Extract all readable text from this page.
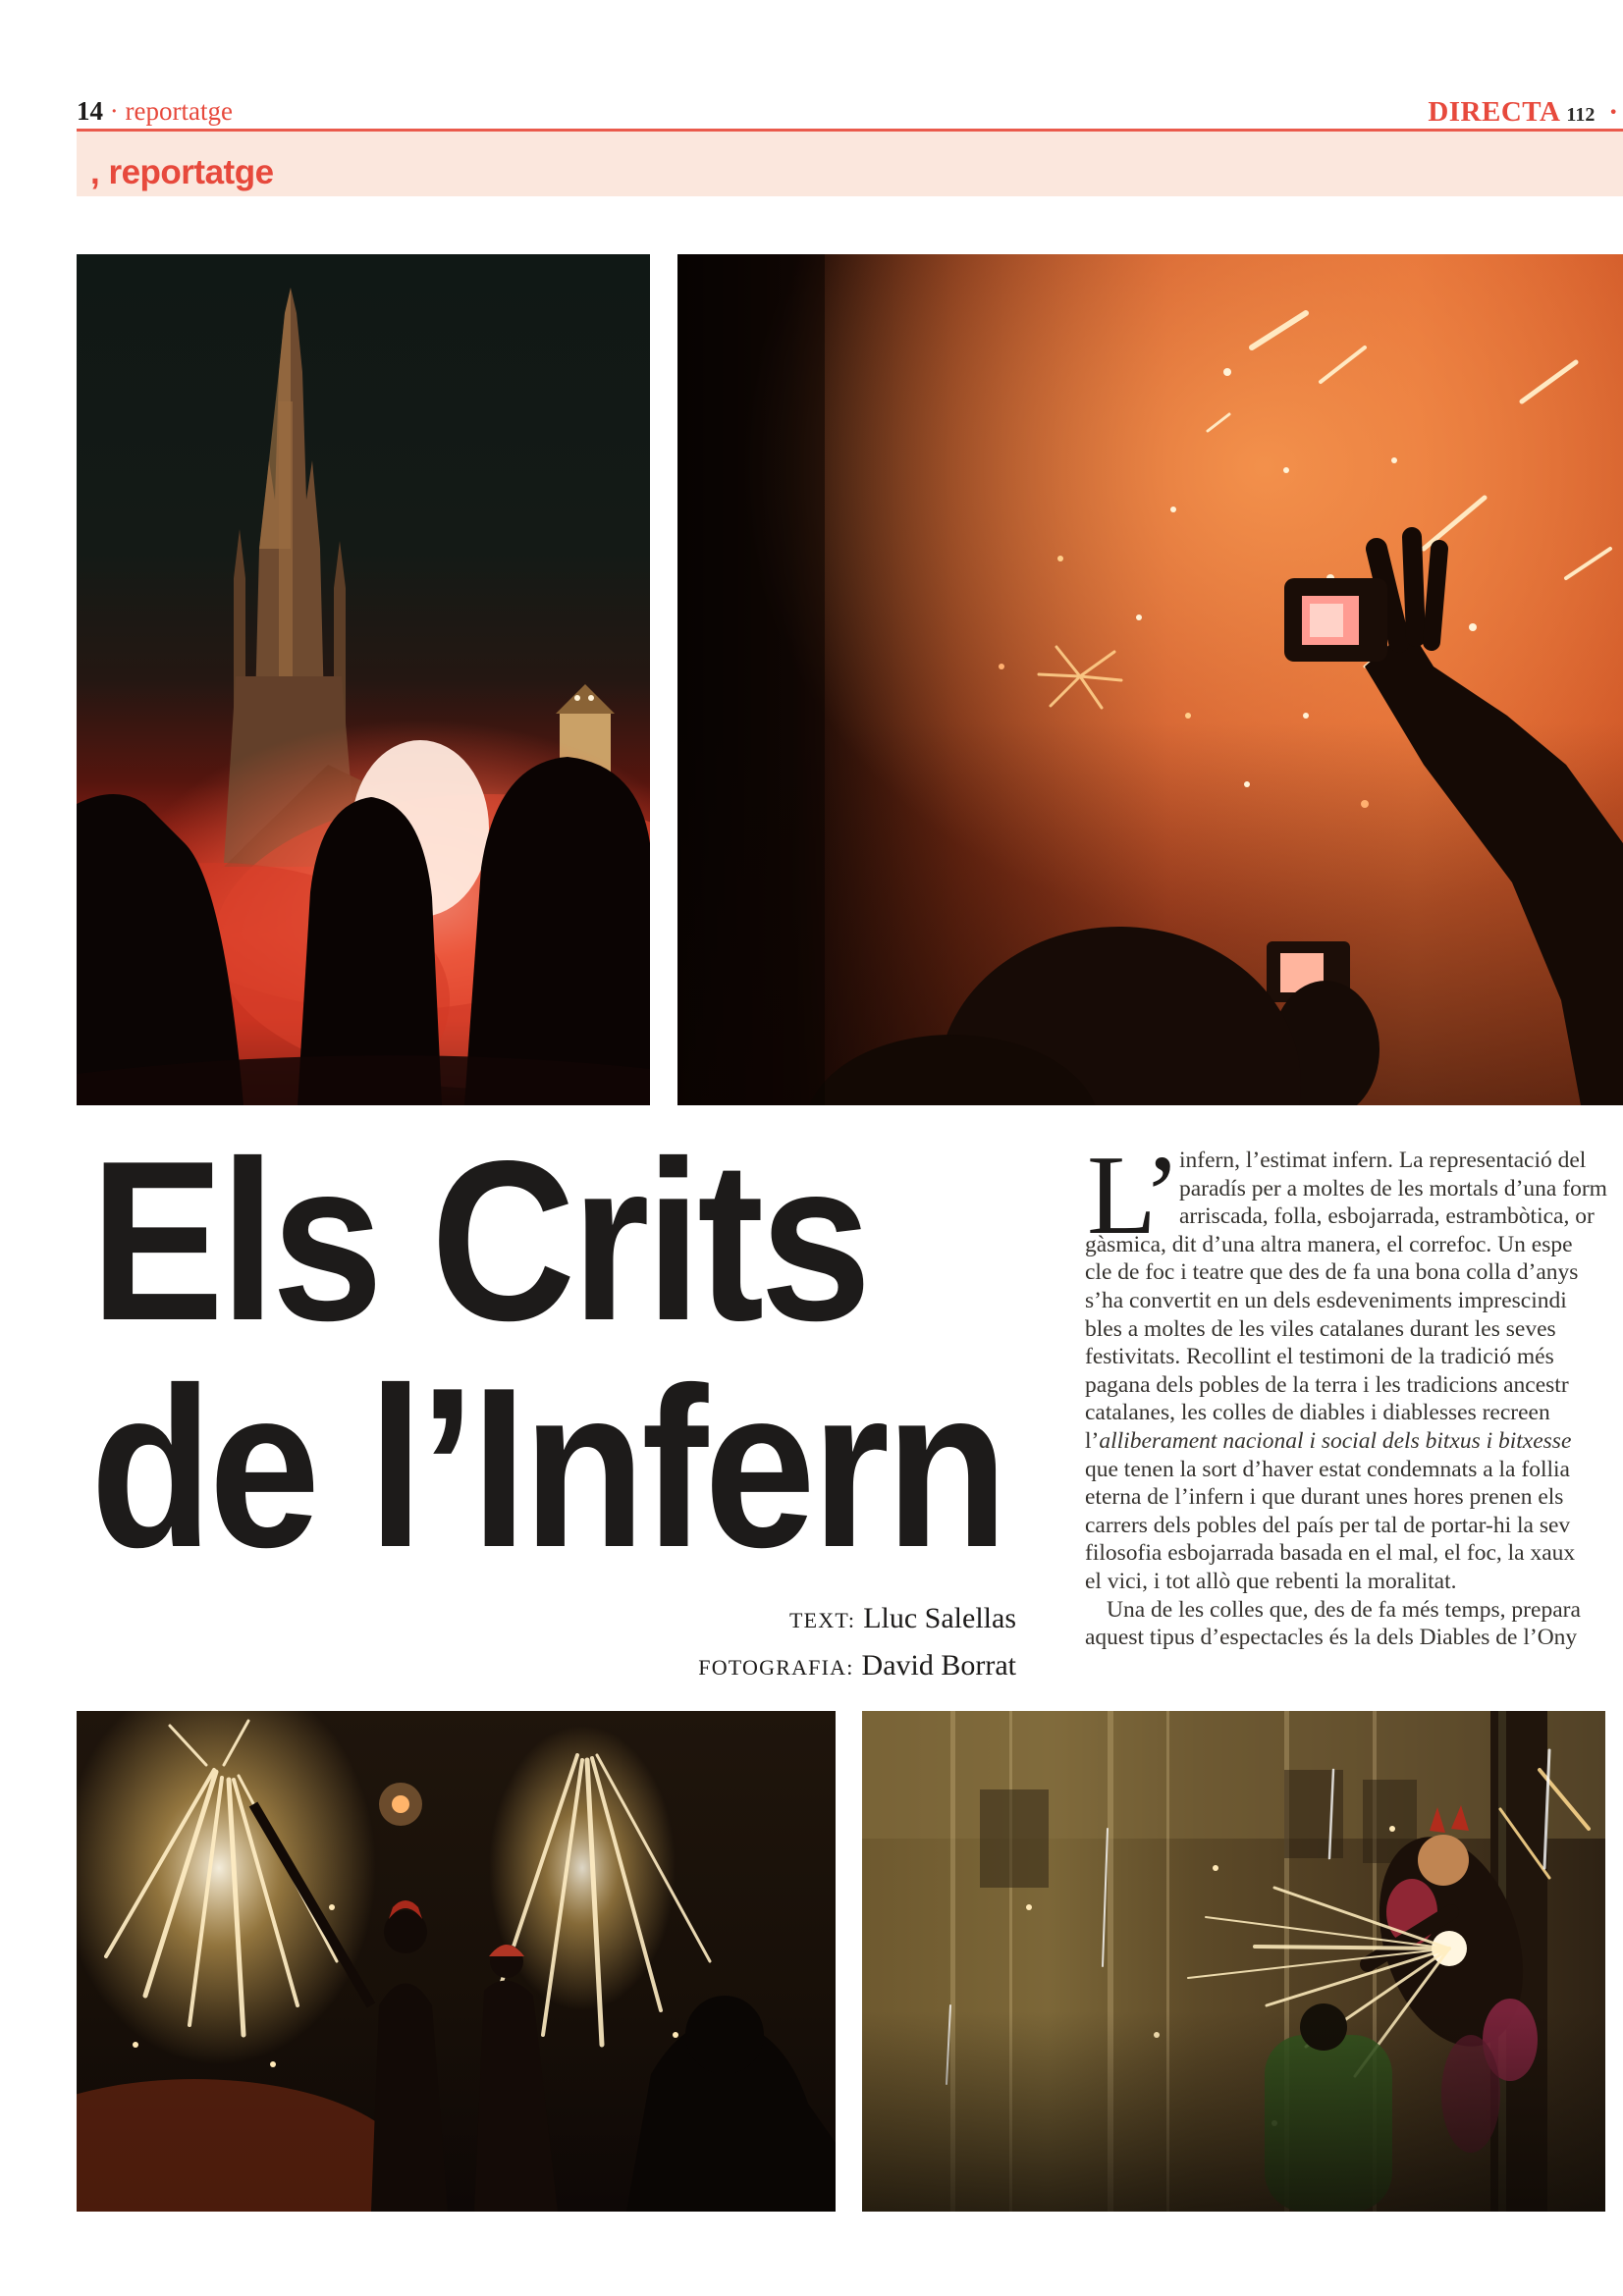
14 · reportatge	DIRECTA 112 ·
, reportatge
Els Crits
de l’Infern
TEXT: Lluc Salellas
FOTOGRAFIA: David Borrat
L’ infern, l’estimat infern. La representació del
paradís per a moltes de les mortals d’una form
arriscada, folla, esbojarrada, estrambòtica, or
gàsmica, dit d’una altra manera, el correfoc. Un espe
cle de foc i teatre que des de fa una bona colla d’anys
s’ha convertit en un dels esdeveniments imprescindi
bles a moltes de les viles catalanes durant les seves
festivitats. Recollint el testimoni de la tradició més
pagana dels pobles de la terra i les tradicions ancestr
catalanes, les colles de diables i diablesses recreen
l’alliberament nacional i social dels bitxus i bitxesse
que tenen la sort d’haver estat condemnats a la follia
eterna de l’infern i que durant unes hores prenen els
carrers dels pobles del país per tal de portar-hi la sev
filosofia esbojarrada basada en el mal, el foc, la xaux
el vici, i tot allò que rebenti la moralitat.
Una de les colles que, des de fa més temps, prepara
aquest tipus d’espectacles és la dels Diables de l’Ony
